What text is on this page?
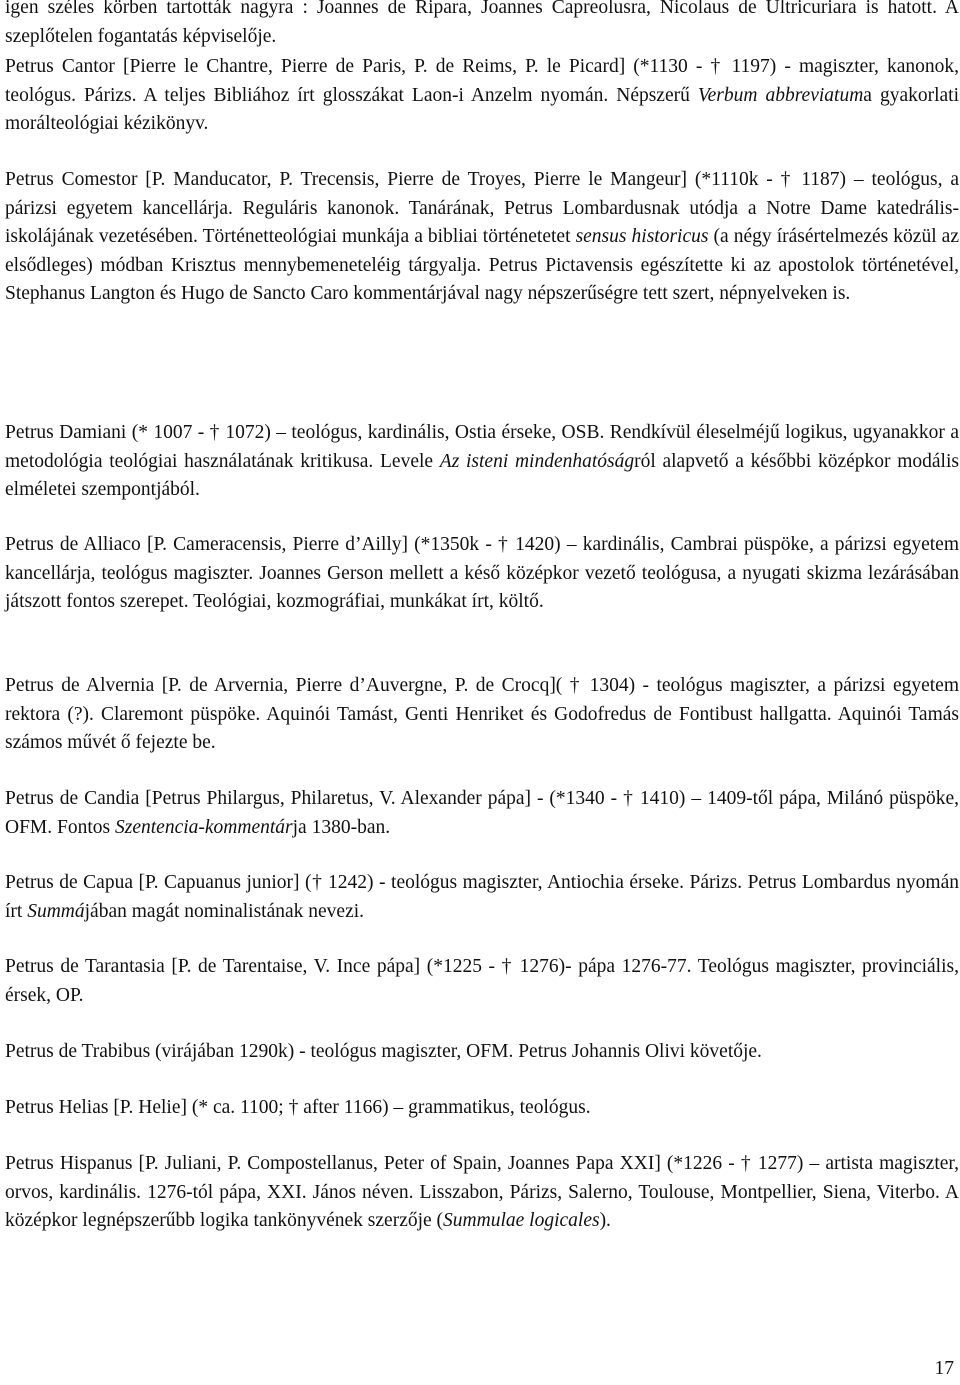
igen széles körben tartották nagyra : Joannes de Ripara, Joannes Capreolusra, Nicolaus de Ultricuriara is hatott. A szeplőtelen fogantatás képviselője.

Petrus Cantor [Pierre le Chantre, Pierre de Paris, P. de Reims, P. le Picard] (*1130 - † 1197) - magiszter, kanonok, teológus. Párizs. A teljes Bibliához írt glosszákat Laon-i Anzelm nyomán. Népszerű Verbum abbreviatuma gyakorlati morálteológiai kézikönyv.

Petrus Comestor [P. Manducator, P. Trecensis, Pierre de Troyes, Pierre le Mangeur] (*1110k - † 1187) – teológus, a párizsi egyetem kancellárja. Reguláris kanonok. Tanárának, Petrus Lombardusnak utódja a Notre Dame katedrális-iskolájának vezetésében. Történetteológiai munkája a bibliai történetetet sensus historicus (a négy írásértelmezés közül az elsődleges) módban Krisztus mennybemeneteléig tárgyalja. Petrus Pictavensis egészítette ki az apostolok történetével, Stephanus Langton és Hugo de Sancto Caro kommentárjával nagy népszerűségre tett szert, népnyelveken is.

Petrus Damiani (* 1007 - † 1072) – teológus, kardinális, Ostia érseke, OSB. Rendkívül éleselméjű logikus, ugyanakkor a metodológia teológiai használatának kritikusa. Levele Az isteni mindenhatóságról alapvető a későbbi középkor modális elméletei szempontjából.

Petrus de Alliaco [P. Cameracensis, Pierre d’Ailly] (*1350k - † 1420) – kardinális, Cambrai püspöke, a párizsi egyetem kancellárja, teológus magiszter. Joannes Gerson mellett a késő középkor vezető teológusa, a nyugati skizma lezárásában játszott fontos szerepet. Teológiai, kozmográfiai, munkákat írt, költő.

Petrus de Alvernia [P. de Arvernia, Pierre d’Auvergne, P. de Crocq]( † 1304) - teológus magiszter, a párizsi egyetem rektora (?). Claremont püspöke. Aquinói Tamást, Genti Henriket és Godofredus de Fontibust hallgatta. Aquinói Tamás számos művét ő fejezte be.

Petrus de Candia [Petrus Philargus, Philaretus, V. Alexander pápa] - (*1340 - † 1410) – 1409-től pápa, Milánó püspöke, OFM. Fontos Szentencia-kommentárja 1380-ban.

Petrus de Capua [P. Capuanus junior] († 1242) - teológus magiszter, Antiochia érseke. Párizs. Petrus Lombardus nyomán írt Summájában magát nominalistának nevezi.

Petrus de Tarantasia [P. de Tarentaise, V. Ince pápa] (*1225 - † 1276)- pápa 1276-77. Teológus magiszter, provinciális, érsek, OP.

Petrus de Trabibus (virájában 1290k) - teológus magiszter, OFM. Petrus Johannis Olivi követője.

Petrus Helias [P. Helie] (* ca. 1100; † after 1166) – grammatikus, teológus.

Petrus Hispanus [P. Juliani, P. Compostellanus, Peter of Spain, Joannes Papa XXI] (*1226 - † 1277) – artista magiszter, orvos, kardinális. 1276-tól pápa, XXI. János néven. Lisszabon, Párizs, Salerno, Toulouse, Montpellier, Siena, Viterbo. A középkor legnépszerűbb logika tankönyvének szerzője (Summulae logicales).

17
